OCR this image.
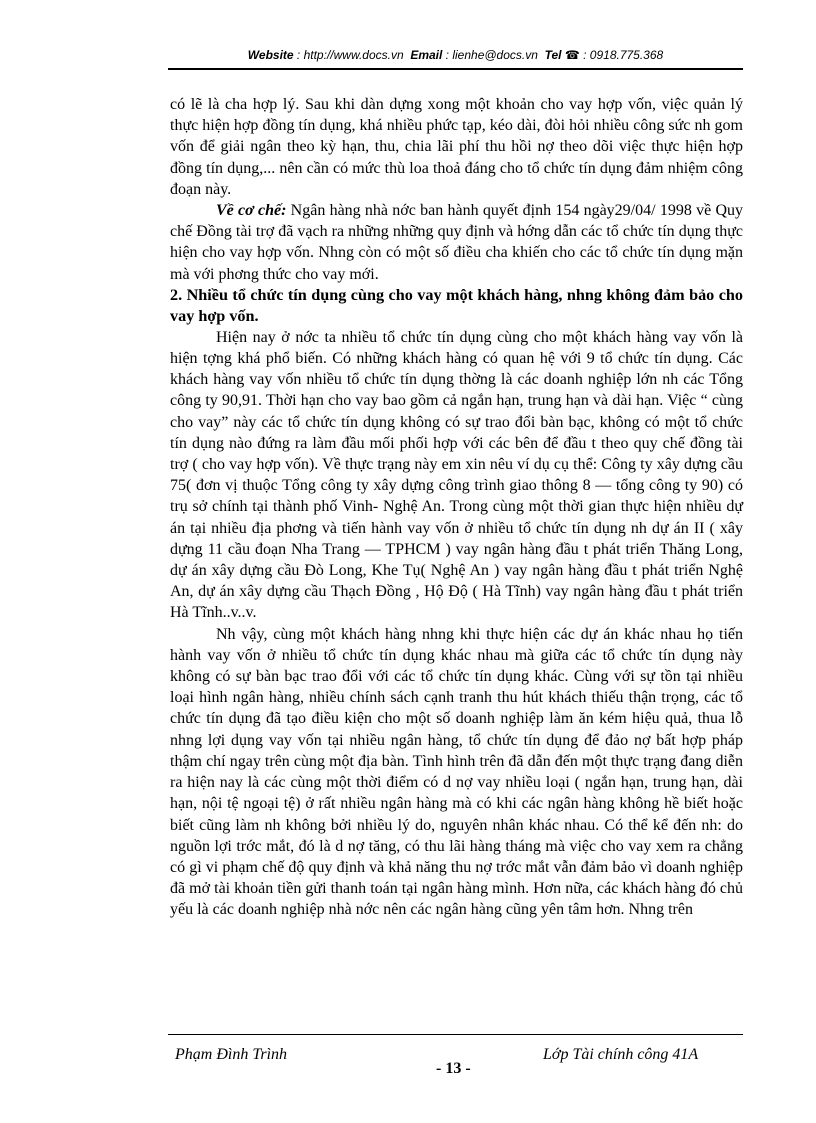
Website : http://www.docs.vn Email : lienhe@docs.vn Tel ☎ : 0918.775.368

có lẽ là cha hợp lý. Sau khi dàn dựng xong một khoản cho vay hợp vốn, việc quản lý thực hiện hợp đồng tín dụng, khá nhiều phức tạp, kéo dài, đòi hỏi nhiều công sức nh gom vốn để giải ngân theo kỳ hạn, thu, chia lãi phí thu hồi nợ theo dõi việc thực hiện hợp đồng tín dụng,... nên cần có mức thù loa thoả đáng cho tổ chức tín dụng đảm nhiệm công đoạn này.

Về cơ chế: Ngân hàng nhà nớc ban hành quyết định 154 ngày29/04/ 1998 về Quy chế Đồng tài trợ đã vạch ra những những quy định và hớng dẫn các tổ chức tín dụng thực hiện cho vay hợp vốn. Nhng còn có một số điều cha khiến cho các tổ chức tín dụng mặn mà với phơng thức cho vay mới.

2. Nhiều tổ chức tín dụng cùng cho vay một khách hàng, nhng không đảm bảo cho vay hợp vốn.

Hiện nay ở nớc ta nhiều tổ chức tín dụng cùng cho một khách hàng vay vốn là hiện tợng khá phổ biến. Có những khách hàng có quan hệ với 9 tổ chức tín dụng. Các khách hàng vay vốn nhiều tổ chức tín dụng thờng là các doanh nghiệp lớn nh các Tổng công ty 90,91. Thời hạn cho vay bao gồm cả ngắn hạn, trung hạn và dài hạn. Việc “ cùng cho vay” này các tổ chức tín dụng không có sự trao đổi bàn bạc, không có một tổ chức tín dụng nào đứng ra làm đầu mối phối hợp với các bên để đầu t theo quy chế đồng tài trợ ( cho vay hợp vốn). Về thực trạng này em xin nêu ví dụ cụ thể: Công ty xây dựng cầu 75( đơn vị thuộc Tổng công ty xây dựng công trình giao thông 8 — tổng công ty 90) có trụ sở chính tại thành phố Vinh- Nghệ An. Trong cùng một thời gian thực hiện nhiều dự án tại nhiều địa phơng và tiến hành vay vốn ở nhiều tổ chức tín dụng nh dự án II ( xây dựng 11 cầu đoạn Nha Trang — TPHCM ) vay ngân hàng đầu t phát triển Thăng Long, dự án xây dựng cầu Đò Long, Khe Tụ( Nghệ An ) vay ngân hàng đầu t phát triển Nghệ An, dự án xây dựng cầu Thạch Đồng , Hộ Độ ( Hà Tĩnh) vay ngân hàng đầu t phát triển Hà Tĩnh..v..v.

Nh vậy, cùng một khách hàng nhng khi thực hiện các dự án khác nhau họ tiến hành vay vốn ở nhiều tổ chức tín dụng khác nhau mà giữa các tổ chức tín dụng này không có sự bàn bạc trao đổi với các tổ chức tín dụng khác. Cùng với sự tồn tại nhiều loại hình ngân hàng, nhiều chính sách cạnh tranh thu hút khách thiếu thận trọng, các tổ chức tín dụng đã tạo điều kiện cho một số doanh nghiệp làm ăn kém hiệu quả, thua lỗ nhng lợi dụng vay vốn tại nhiều ngân hàng, tổ chức tín dụng để đảo nợ bất hợp pháp thậm chí ngay trên cùng một địa bàn. Tình hình trên đã dẫn đến một thực trạng đang diễn ra hiện nay là các cùng một thời điểm có d nợ vay nhiều loại ( ngắn hạn, trung hạn, dài hạn, nội tệ ngoại tệ) ở rất nhiều ngân hàng mà có khi các ngân hàng không hề biết hoặc biết cũng làm nh không bởi nhiều lý do, nguyên nhân khác nhau. Có thể kể đến nh: do nguồn lợi trớc mắt, đó là d nợ tăng, có thu lãi hàng tháng mà việc cho vay xem ra chẳng có gì vi phạm chế độ quy định và khả năng thu nợ trớc mắt vẫn đảm bảo vì doanh nghiệp đã mở tài khoản tiền gửi thanh toán tại ngân hàng mình. Hơn nữa, các khách hàng đó chủ yếu là các doanh nghiệp nhà nớc nên các ngân hàng cũng yên tâm hơn. Nhng trên

Phạm Đình Trình	Lớp Tài chính công 41A
- 13 -
